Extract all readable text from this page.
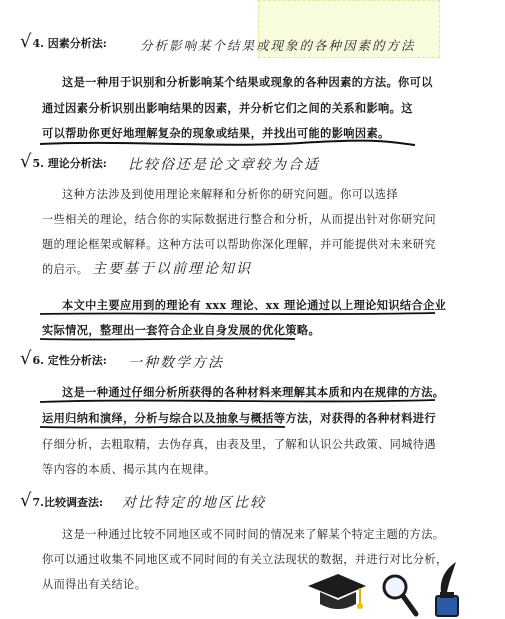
√4. 因素分析法:	分析影响某个结果或现象的各种因素的方法
这是一种用于识别和分析影响某个结果或现象的各种因素的方法。你可以
通过因素分析识别出影响结果的因素，并分析它们之间的关系和影响。这
可以帮助你更好地理解复杂的现象或结果，并找出可能的影响因素。
√5. 理论分析法: 比较俗还是论文章较为合适
这种方法涉及到使用理论来解释和分析你的研究问题。你可以选择
一些相关的理论，结合你的实际数据进行整合和分析，从而提出针对你研究问
题的理论框架或解释。这种方法可以帮助你深化理解，并可能提供对未来研究
的启示。 主要基于以前理论知识
本文中主要应用到的理论有 xxx 理论、xx 理论通过以上理论知识结合企业
实际情况，整理出一套符合企业自身发展的优化策略。
√6. 定性分析法: 一种数学方法
这是一种通过仔细分析所获得的各种材料来理解其本质和内在规律的方法。
运用归纳和演绎，分析与综合以及抽象与概括等方法，对获得的各种材料进行
仔细分析，去粗取精，去伪存真，由表及里，了解和认识公共政策、同城待遇
等内容的本质、揭示其内在规律。
√7.比较调查法: 对比特定的地区比较
这是一种通过比较不同地区或不同时间的情况来了解某个特定主题的方法。
你可以通过收集不同地区或不同时间的有关立法现状的数据，并进行对比分析，
从而得出有关结论。
